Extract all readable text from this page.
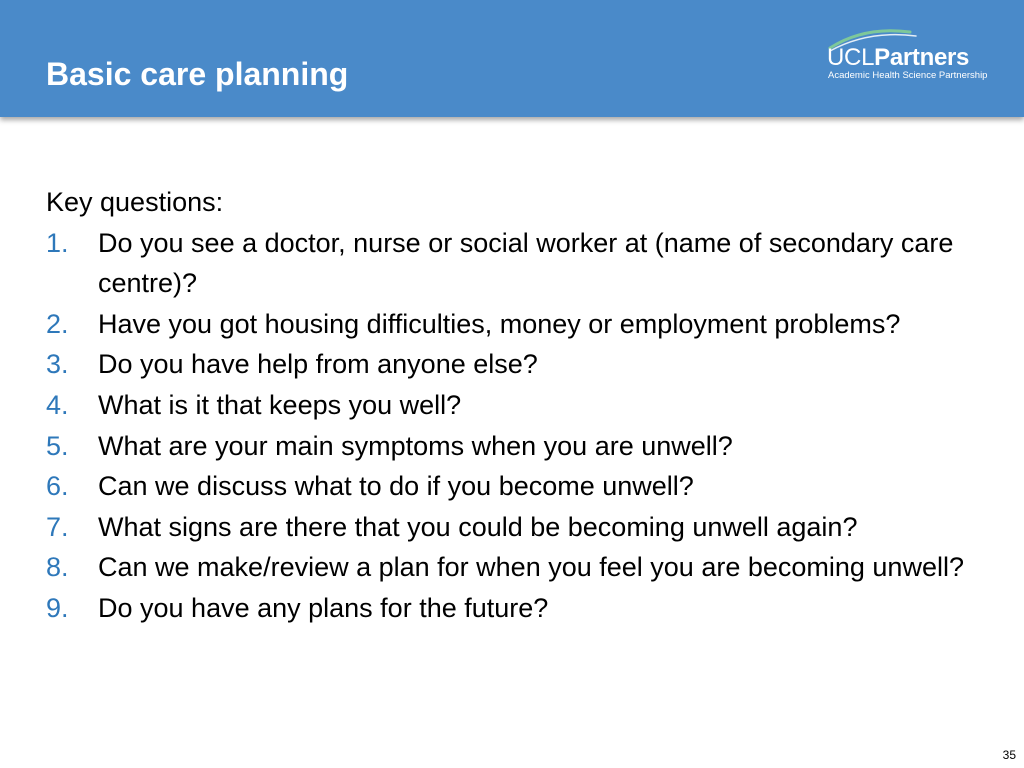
Basic care planning	UCLPartners
Academic Health Science Partnership

Key questions:

1. Do you see a doctor, nurse or social worker at (name of secondary care centre)?
2. Have you got housing difficulties, money or employment problems?
3. Do you have help from anyone else?
4. What is it that keeps you well?
5. What are your main symptoms when you are unwell?
6. Can we discuss what to do if you become unwell?
7. What signs are there that you could be becoming unwell again?
8. Can we make/review a plan for when you feel you are becoming unwell?
9. Do you have any plans for the future?
35
